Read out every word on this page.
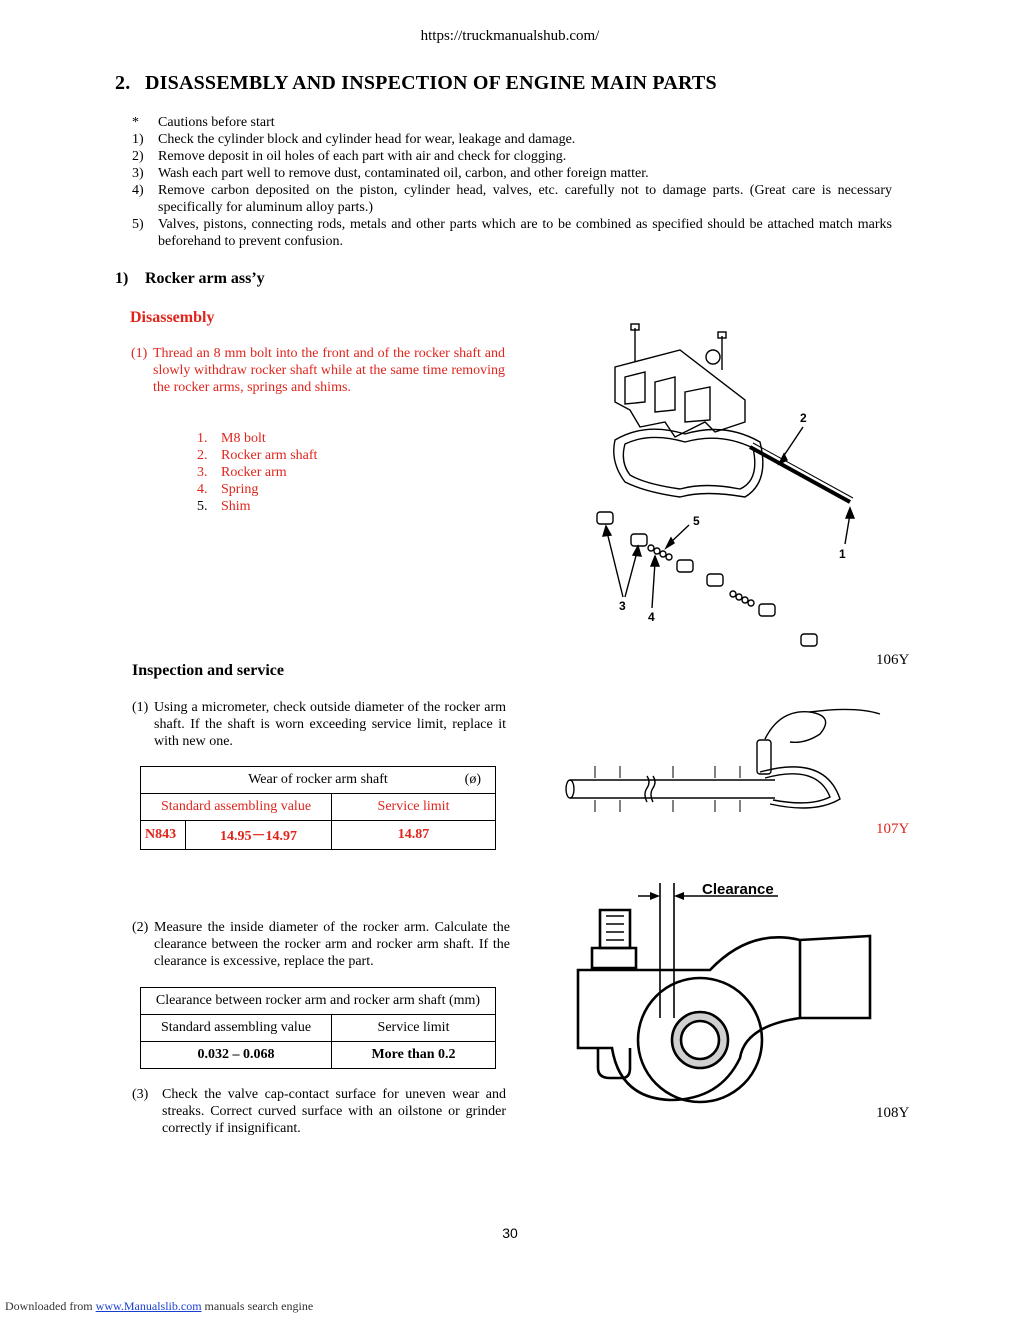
https://truckmanualshub.com/
2. DISASSEMBLY AND INSPECTION OF ENGINE MAIN PARTS
*	Cautions before start
1)	Check the cylinder block and cylinder head for wear, leakage and damage.
2)	Remove deposit in oil holes of each part with air and check for clogging.
3)	Wash each part well to remove dust, contaminated oil, carbon, and other foreign matter.
4)	Remove carbon deposited on the piston, cylinder head, valves, etc. carefully not to damage parts. (Great care is necessary specifically for aluminum alloy parts.)
5)	Valves, pistons, connecting rods, metals and other parts which are to be combined as specified should be attached match marks beforehand to prevent confusion.
1) Rocker arm ass’y
Disassembly
(1) Thread an 8 mm bolt into the front and of the rocker shaft and slowly withdraw rocker shaft while at the same time removing the rocker arms, springs and shims.
1. M8 bolt
2. Rocker arm shaft
3. Rocker arm
4. Spring
5. Shim
2
1
5
3
4
106Y
Inspection and service
(1) Using a micrometer, check outside diameter of the rocker arm shaft. If the shaft is worn exceeding service limit, replace it with new one.
Wear of rocker arm shaft (ø)		

Standard assembling value		Service limit
N843	14.95－14.97	14.87	107Y
(2) Measure the inside diameter of the rocker arm. Calculate the clearance between the rocker arm and rocker arm shaft. If the clearance is excessive, replace the part.
Clearance between rocker arm and rocker arm shaft (mm)	
Standard assembling value	Service limit
0.032 – 0.068	More than 0.2
Clearance
108Y
(3) Check the valve cap-contact surface for uneven wear and streaks. Correct curved surface with an oilstone or grinder correctly if insignificant.
30
Downloaded from www.Manualslib.com manuals search engine
